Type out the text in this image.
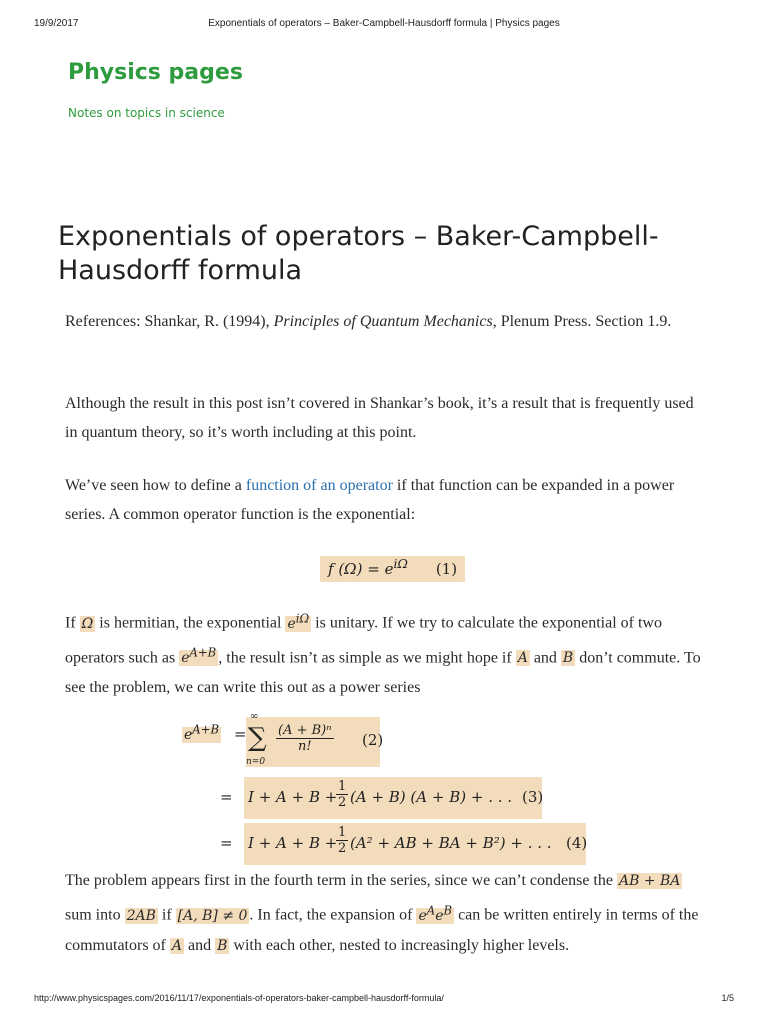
19/9/2017	Exponentials of operators – Baker-Campbell-Hausdorff formula | Physics pages
Physics pages
Notes on topics in science
Exponentials of operators – Baker-Campbell-Hausdorff formula
References: Shankar, R. (1994), Principles of Quantum Mechanics, Plenum Press. Section 1.9.
Although the result in this post isn’t covered in Shankar’s book, it’s a result that is frequently used in quantum theory, so it’s worth including at this point.
We’ve seen how to define a function of an operator if that function can be expanded in a power series. A common operator function is the exponential:
f $(\Omega) = e^{i\Omega}$ (1)
If Ω is hermitian, the exponential $e^{i\Omega}$ is unitary. If we try to calculate the exponential of two operators such as $e^{A+B}$ , the result isn’t as simple as we might hope if A and B don’t commute. To see the problem, we can write this out as a power series
$e^{A+B}$ =
∞
∑
n=0
$\frac{\text{(A + B)ⁿ}}{n!} (2)$
= I + A + B +
$\frac{1}{2} (A + B) (A + B)$ + . . . (3)
= I + A + B +
$\frac{1}{2} (A^2$ + AB + BA + B²) + . . . (4)
The problem appears first in the fourth term in the series, since we can’t condense the AB + BA sum into 2AB if [A, B] ≠ 0 . In fact, the expansion of $e^Ae^B$ can be written entirely in terms of the commutators of A and B with each other, nested to increasingly higher levels.
http://www.physicspages.com/2016/11/17/exponentials-of-operators-baker-campbell-hausdorff-formula/	1/5
